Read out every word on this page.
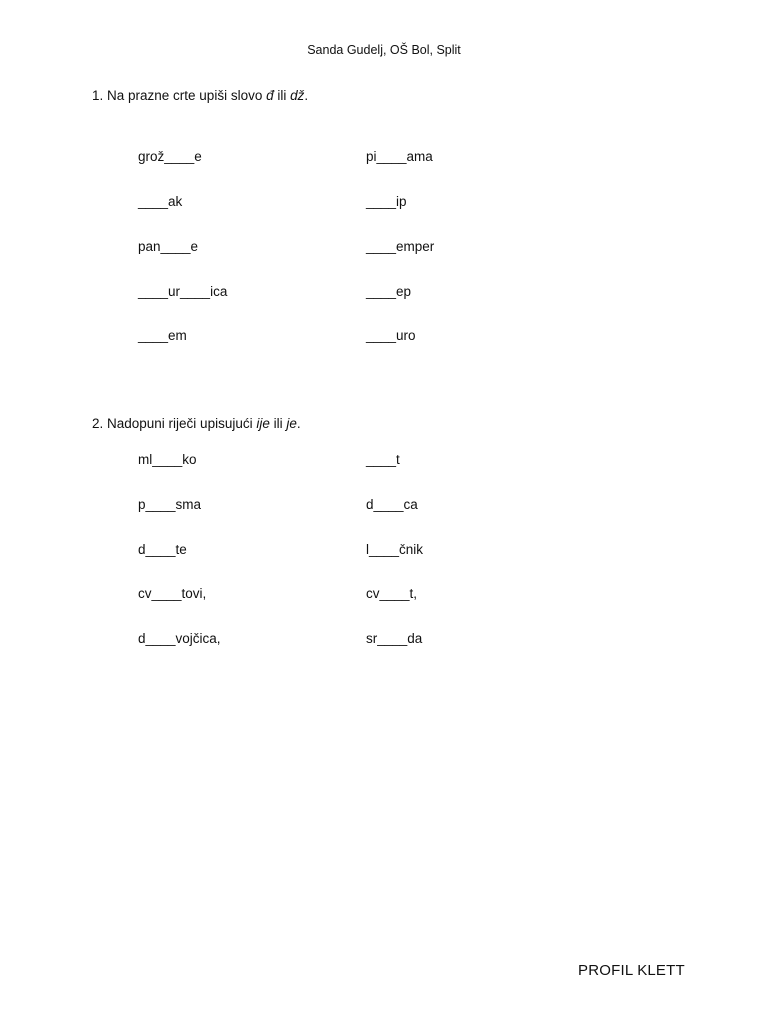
Sanda Gudelj, OŠ Bol, Split
1. Na prazne crte upiši slovo đ ili dž.
grož____e
____ak
pan____e
____ur____ica
____em
pi____ama
____ip
____emper
____ep
____uro
2. Nadopuni riječi upisujući ije ili je.
ml____ko
p____sma
d____te
cv____tovi,
d____vojčica,
____t
d____ca
l____čnik
cv____t,
sr____da
PROFIL KLETT
